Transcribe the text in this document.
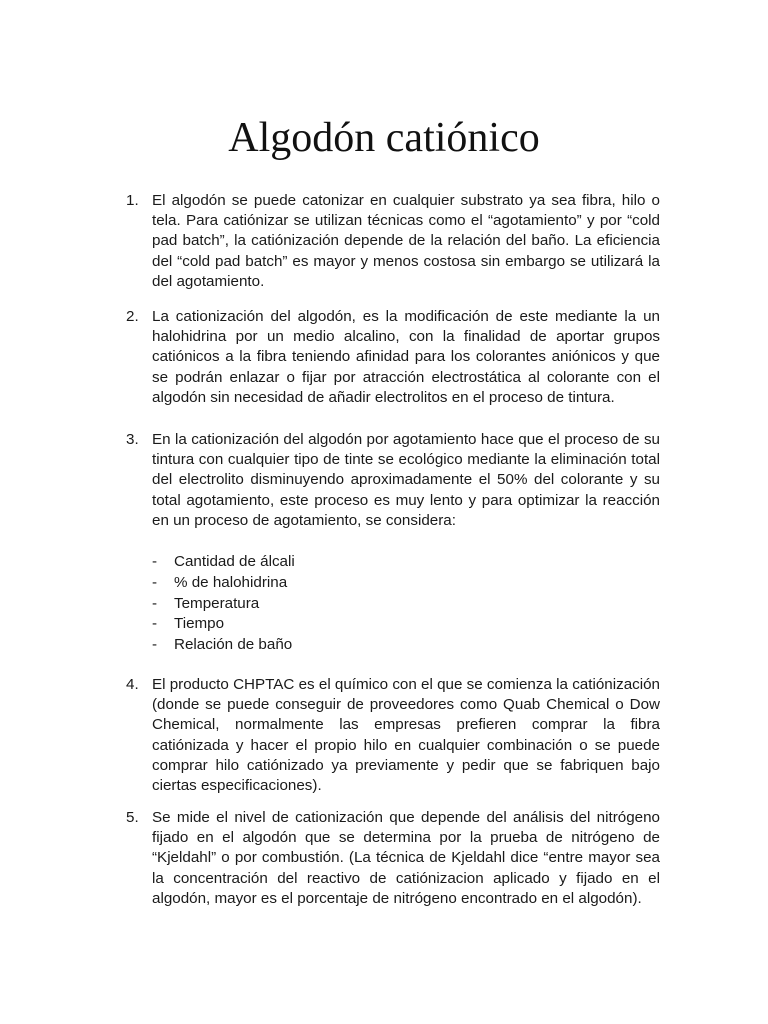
Algodón catiónico
1. El algodón se puede catonizar en cualquier substrato ya sea fibra, hilo o tela. Para catiónizar se utilizan técnicas como el “agotamiento” y por “cold pad batch”, la catiónización depende de la relación del baño. La eficiencia del “cold pad batch” es mayor y menos costosa sin embargo se utilizará la del agotamiento.

2. La cationización del algodón, es la modificación de este mediante la un halohidrina por un medio alcalino, con la finalidad de aportar grupos catiónicos a la fibra teniendo afinidad para los colorantes aniónicos y que se podrán enlazar o fijar por atracción electrostática al colorante con el algodón sin necesidad de añadir electrolitos en el proceso de tintura.

3. En la cationización del algodón por agotamiento hace que el proceso de su tintura con cualquier tipo de tinte se ecológico mediante la eliminación total del electrolito disminuyendo aproximadamente el 50% del colorante y su total agotamiento, este proceso es muy lento y para optimizar la reacción en un proceso de agotamiento, se considera:

- Cantidad de álcali
- % de halohidrina
- Temperatura
- Tiempo
- Relación de baño
4. El producto CHPTAC es el químico con el que se comienza la catiónización (donde se puede conseguir de proveedores como Quab Chemical o Dow Chemical, normalmente las empresas prefieren comprar la fibra catiónizada y hacer el propio hilo en cualquier combinación o se puede comprar hilo catiónizado ya previamente y pedir que se fabriquen bajo ciertas especificaciones).

5. Se mide el nivel de cationización que depende del análisis del nitrógeno fijado en el algodón que se determina por la prueba de nitrógeno de “Kjeldahl” o por combustión. (La técnica de Kjeldahl dice “entre mayor sea la concentración del reactivo de catiónizacion aplicado y fijado en el algodón, mayor es el porcentaje de nitrógeno encontrado en el algodón).
